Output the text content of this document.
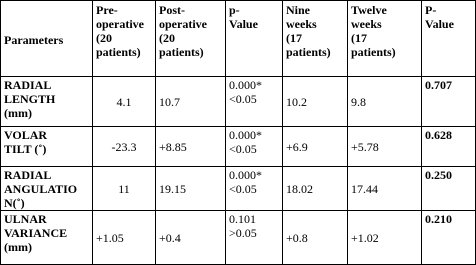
Parameters	Pre-
operative
(20
patients)	Post-
operative
(20
patients)	p-
Value	Nine
weeks
(17
patients)	Twelve
weeks
(17
patients)	P-
Value

RADIAL
LENGTH
(mm)	4.1	10.7	0.000*
<0.05	10.2	9.8	0.707

VOLAR
TILT (˚)	-23.3	+8.85	0.000*
<0.05	+6.9	+5.78	0.628

RADIAL
ANGULATIO
N(˚)	11	19.15	0.000*
<0.05	18.02	17.44	0.250

ULNAR
VARIANCE
(mm)	+1.05	+0.4	0.101
>0.05	+0.8	+1.02	0.210
